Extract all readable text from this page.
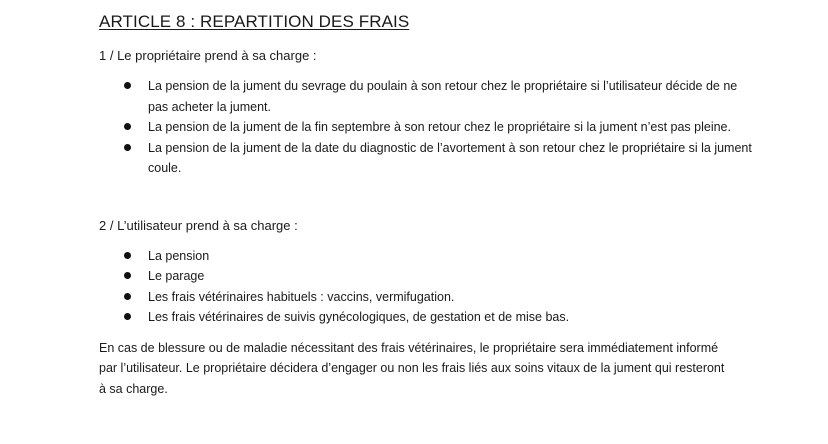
ARTICLE 8 : REPARTITION DES FRAIS
1 / Le propriétaire prend à sa charge :
La pension de la jument du sevrage du poulain à son retour chez le propriétaire si l’utilisateur décide de ne pas acheter la jument.
La pension de la jument de la fin septembre à son retour chez le propriétaire si la jument n’est pas pleine.
La pension de la jument de la date du diagnostic de l’avortement à son retour chez le propriétaire si la jument coule.
2 / L’utilisateur prend à sa charge :
La pension
Le parage
Les frais vétérinaires habituels : vaccins, vermifugation.
Les frais vétérinaires de suivis gynécologiques, de gestation et de mise bas.

En cas de blessure ou de maladie nécessitant des frais vétérinaires, le propriétaire sera immédiatement informé par l’utilisateur. Le propriétaire décidera d’engager ou non les frais liés aux soins vitaux de la jument qui resteront à sa charge.
